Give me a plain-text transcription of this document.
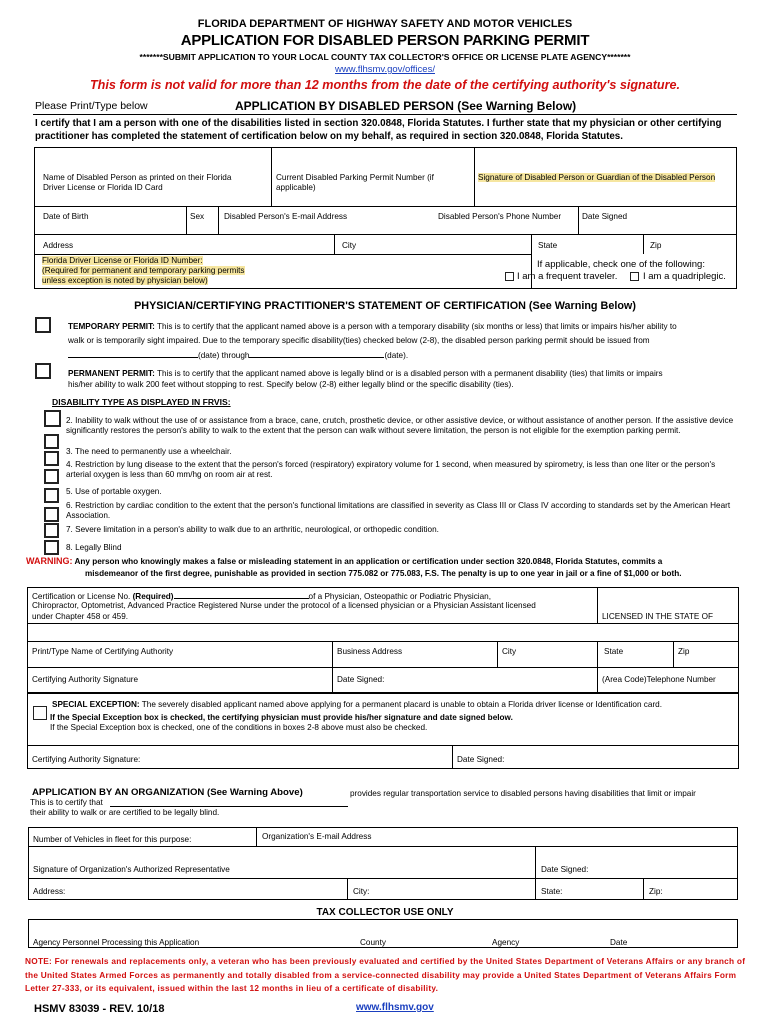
FLORIDA DEPARTMENT OF HIGHWAY SAFETY AND MOTOR VEHICLES
APPLICATION FOR DISABLED PERSON PARKING PERMIT
*******SUBMIT APPLICATION TO YOUR LOCAL COUNTY TAX COLLECTOR'S OFFICE OR LICENSE PLATE AGENCY*******
www.flhsmv.gov/offices/
This form is not valid for more than 12 months from the date of the certifying authority's signature.
Please Print/Type below	APPLICATION BY DISABLED PERSON (See Warning Below)
I certify that I am a person with one of the disabilities listed in section 320.0848, Florida Statutes. I further state that my physician or other certifying practitioner has completed the statement of certification below on my behalf, as required in section 320.0848, Florida Statutes.
Name of Disabled Person as printed on their Florida Driver License or Florida ID Card
Current Disabled Parking Permit Number (if applicable)
Signature of Disabled Person or Guardian of the Disabled Person
Date of Birth	Sex Disabled Person's E-mail Address	Disabled Person's Phone Number	Date Signed
Address	City	State	Zip
Florida Driver License or Florida ID Number:
(Required for permanent and temporary parking permits
unless exception is noted by physician below)
If applicable, check one of the following:
I am a frequent traveler.	I am a quadriplegic.
PHYSICIAN/CERTIFYING PRACTITIONER'S STATEMENT OF CERTIFICATION (See Warning Below)
TEMPORARY PERMIT: This is to certify that the applicant named above is a person with a temporary disability (six months or less) that limits or impairs his/her ability to
walk or is temporarily sight impaired. Due to the temporary specific disability(ties) checked below (2-8), the disabled person parking permit should be issued from
(date) through	(date).
PERMANENT PERMIT: This is to certify that the applicant named above is legally blind or is a disabled person with a permanent disability (ties) that limits or impairs
his/her ability to walk 200 feet without stopping to rest. Specify below (2-8) either legally blind or the specific disability (ties).
DISABILITY TYPE AS DISPLAYED IN FRVIS:
2. Inability to walk without the use of or assistance from a brace, cane, crutch, prosthetic device, or other assistive device, or without assistance of another person. If the assistive device significantly restores the person's ability to walk to the extent that the person can walk without severe limitation, the person is not eligible for the exemption parking permit.
3. The need to permanently use a wheelchair.
4. Restriction by lung disease to the extent that the person's forced (respiratory) expiratory volume for 1 second, when measured by spirometry, is less than one liter or the person's arterial oxygen is less than 60 mm/hg on room air at rest.
5. Use of portable oxygen.
6. Restriction by cardiac condition to the extent that the person's functional limitations are classified in severity as Class III or Class IV according to standards set by the American Heart Association.
7. Severe limitation in a person's ability to walk due to an arthritic, neurological, or orthopedic condition.
8. Legally Blind
WARNING: Any person who knowingly makes a false or misleading statement in an application or certification under section 320.0848, Florida Statutes, commits a
misdemeanor of the first degree, punishable as provided in section 775.082 or 775.083, F.S. The penalty is up to one year in jail or a fine of $1,000 or both.
Certification or License No. (Required)	of a Physician, Osteopathic or Podiatric Physician,
Chiropractor, Optometrist, Advanced Practice Registered Nurse under the protocol of a licensed physician or a Physician Assistant licensed
under Chapter 458 or 459.	LICENSED IN THE STATE OF
Print/Type Name of Certifying Authority	Business Address	City	State	Zip
Certifying Authority Signature	Date Signed:	(Area Code)Telephone Number
SPECIAL EXCEPTION: The severely disabled applicant named above applying for a permanent placard is unable to obtain a Florida driver license or Identification card.
If the Special Exception box is checked, the certifying physician must provide his/her signature and date signed below.
If the Special Exception box is checked, one of the conditions in boxes 2-8 above must also be checked.
Certifying Authority Signature:	Date Signed:
APPLICATION BY AN ORGANIZATION (See Warning Above)
This is to certify that
provides regular transportation service to disabled persons having disabilities that limit or impair
their ability to walk or are certified to be legally blind.
Number of Vehicles in fleet for this purpose:	Organization's E-mail Address
Signature of Organization's Authorized Representative	Date Signed:
Address:	City:	State:	Zip:
TAX COLLECTOR USE ONLY
Agency Personnel Processing this Application	County	Agency	Date
NOTE: For renewals and replacements only, a veteran who has been previously evaluated and certified by the United States Department of Veterans Affairs or any branch of the United States Armed Forces as permanently and totally disabled from a service-connected disability may provide a United States Department of Veterans Affairs Form Letter 27-333, or its equivalent, issued within the last 12 months in lieu of a certificate of disability.
HSMV 83039 - REV. 10/18	www.flhsmv.gov
